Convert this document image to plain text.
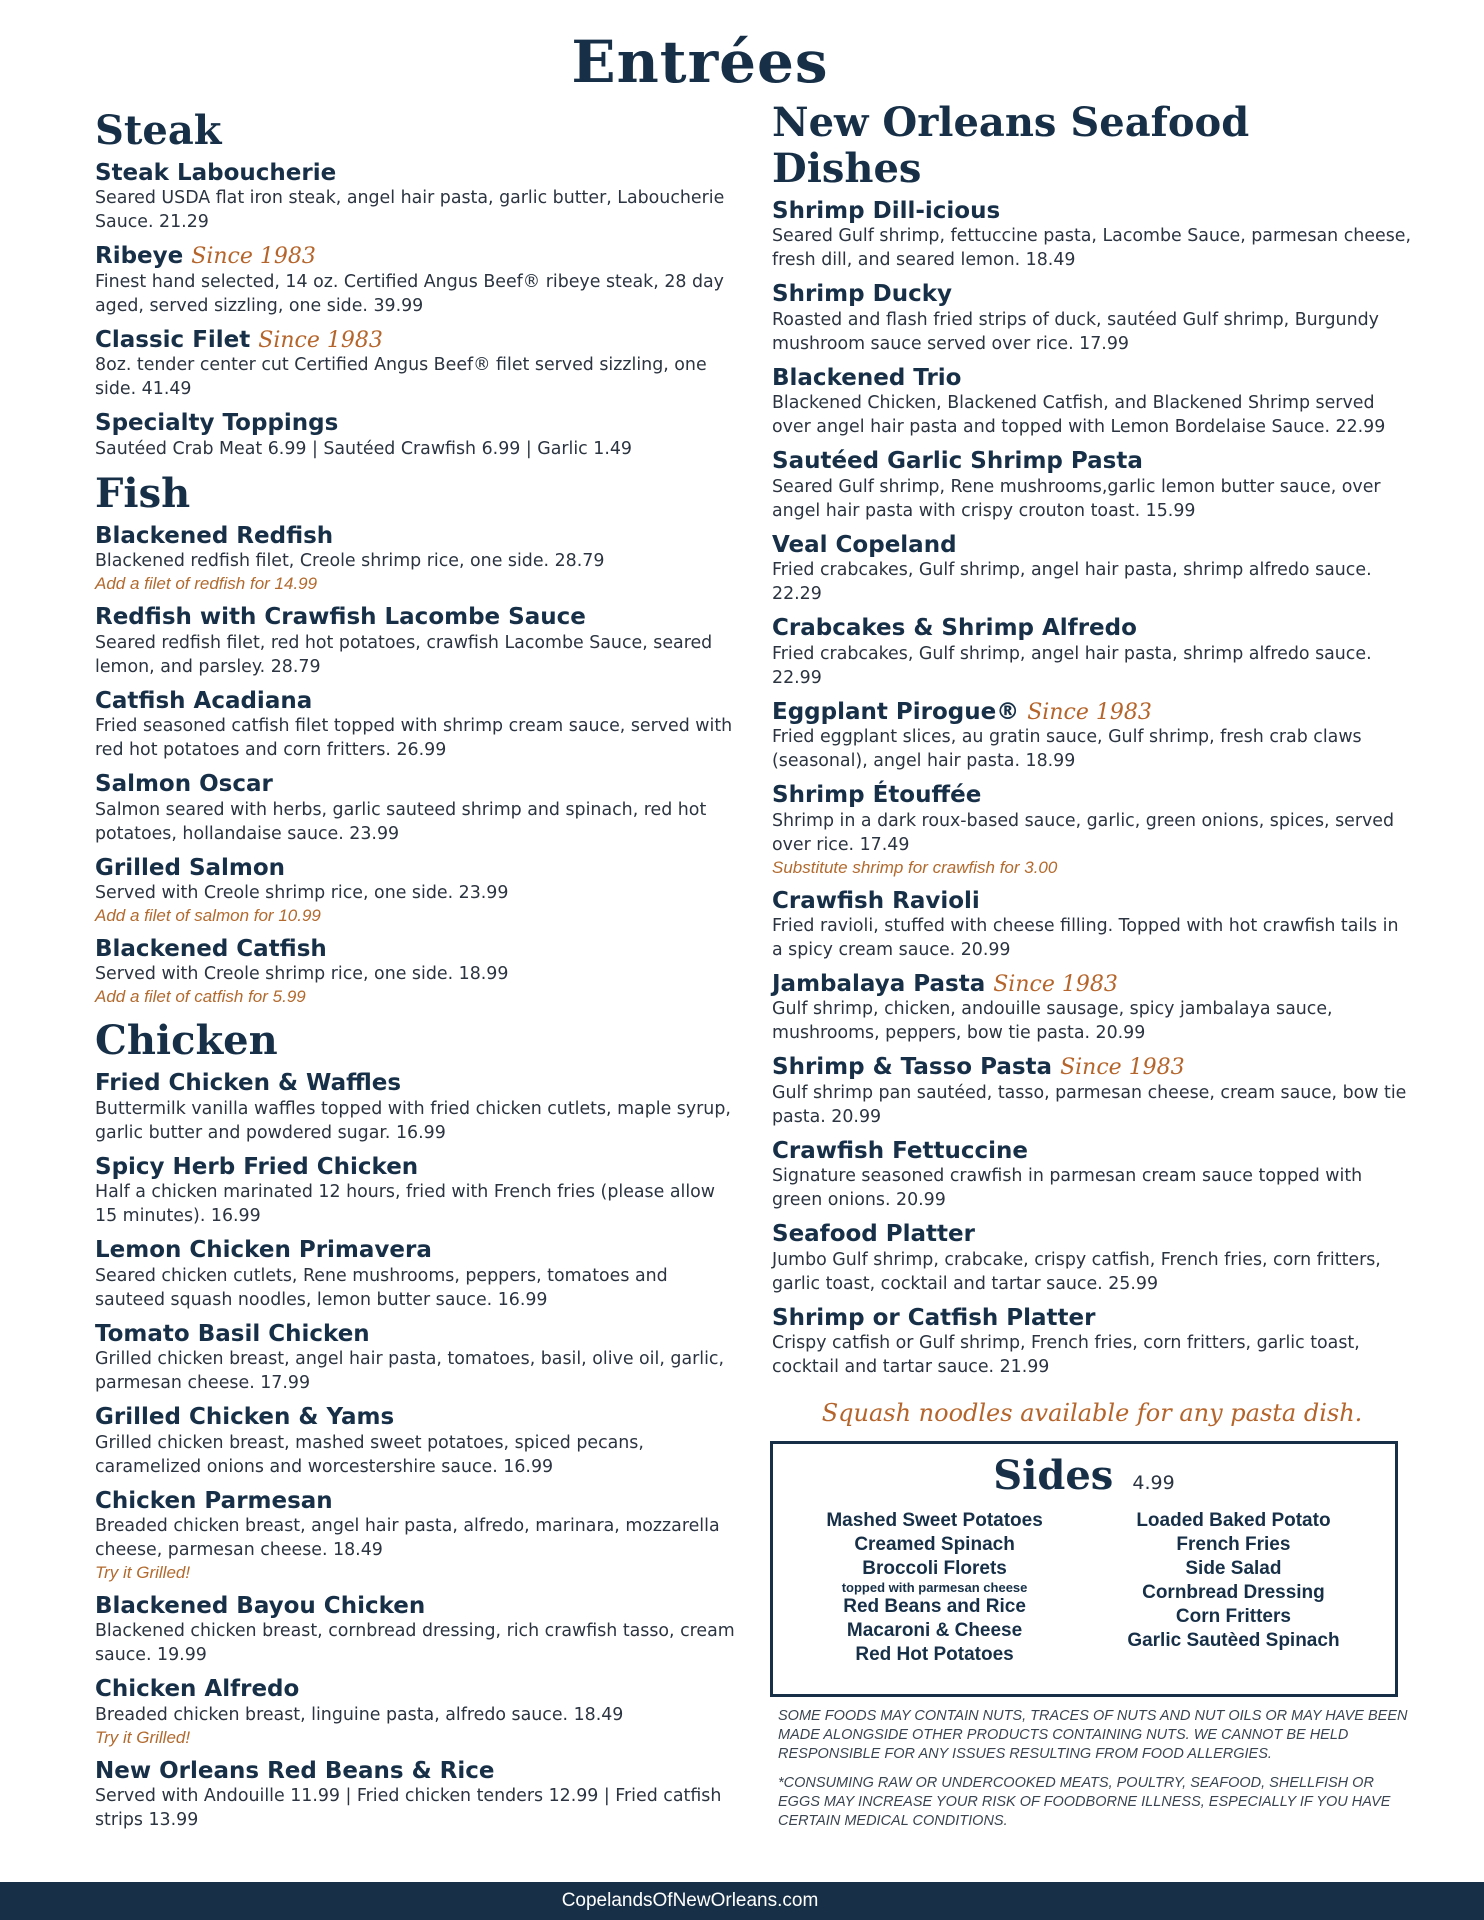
Entrées
Steak
Steak Laboucherie
Seared USDA flat iron steak, angel hair pasta, garlic butter, Laboucherie Sauce. 21.29
Ribeye Since 1983
Finest hand selected, 14 oz. Certified Angus Beef® ribeye steak, 28 day aged, served sizzling, one side. 39.99
Classic Filet Since 1983
8oz. tender center cut Certified Angus Beef® filet served sizzling, one side. 41.49
Specialty Toppings
Sautéed Crab Meat 6.99 | Sautéed Crawfish 6.99 | Garlic 1.49
Fish
Blackened Redfish
Blackened redfish filet, Creole shrimp rice, one side. 28.79
Add a filet of redfish for 14.99
Redfish with Crawfish Lacombe Sauce
Seared redfish filet, red hot potatoes, crawfish Lacombe Sauce, seared lemon, and parsley. 28.79
Catfish Acadiana
Fried seasoned catfish filet topped with shrimp cream sauce, served with red hot potatoes and corn fritters. 26.99
Salmon Oscar
Salmon seared with herbs, garlic sauteed shrimp and spinach, red hot potatoes, hollandaise sauce. 23.99
Grilled Salmon
Served with Creole shrimp rice, one side. 23.99
Add a filet of salmon for 10.99
Blackened Catfish
Served with Creole shrimp rice, one side. 18.99
Add a filet of catfish for 5.99
Chicken
Fried Chicken & Waffles
Buttermilk vanilla waffles topped with fried chicken cutlets, maple syrup, garlic butter and powdered sugar. 16.99
Spicy Herb Fried Chicken
Half a chicken marinated 12 hours, fried with French fries (please allow 15 minutes). 16.99
Lemon Chicken Primavera
Seared chicken cutlets, Rene mushrooms, peppers, tomatoes and sauteed squash noodles, lemon butter sauce. 16.99
Tomato Basil Chicken
Grilled chicken breast, angel hair pasta, tomatoes, basil, olive oil, garlic, parmesan cheese. 17.99
Grilled Chicken & Yams
Grilled chicken breast, mashed sweet potatoes, spiced pecans, caramelized onions and worcestershire sauce. 16.99
Chicken Parmesan
Breaded chicken breast, angel hair pasta, alfredo, marinara, mozzarella cheese, parmesan cheese. 18.49
Try it Grilled!
Blackened Bayou Chicken
Blackened chicken breast, cornbread dressing, rich crawfish tasso, cream sauce. 19.99
Chicken Alfredo
Breaded chicken breast, linguine pasta, alfredo sauce. 18.49
Try it Grilled!
New Orleans Red Beans & Rice
Served with Andouille 11.99 | Fried chicken tenders 12.99 | Fried catfish strips 13.99
New Orleans Seafood Dishes
Shrimp Dill-icious
Seared Gulf shrimp, fettuccine pasta, Lacombe Sauce, parmesan cheese, fresh dill, and seared lemon. 18.49
Shrimp Ducky
Roasted and flash fried strips of duck, sautéed Gulf shrimp, Burgundy mushroom sauce served over rice. 17.99
Blackened Trio
Blackened Chicken, Blackened Catfish, and Blackened Shrimp served over angel hair pasta and topped with Lemon Bordelaise Sauce. 22.99
Sautéed Garlic Shrimp Pasta
Seared Gulf shrimp, Rene mushrooms,garlic lemon butter sauce, over angel hair pasta with crispy crouton toast. 15.99
Veal Copeland
Fried crabcakes, Gulf shrimp, angel hair pasta, shrimp alfredo sauce. 22.29
Crabcakes & Shrimp Alfredo
Fried crabcakes, Gulf shrimp, angel hair pasta, shrimp alfredo sauce. 22.99
Eggplant Pirogue® Since 1983
Fried eggplant slices, au gratin sauce, Gulf shrimp, fresh crab claws (seasonal), angel hair pasta. 18.99
Shrimp Étouffée
Shrimp in a dark roux-based sauce, garlic, green onions, spices, served over rice. 17.49
Substitute shrimp for crawfish for 3.00
Crawfish Ravioli
Fried ravioli, stuffed with cheese filling. Topped with hot crawfish tails in a spicy cream sauce. 20.99
Jambalaya Pasta Since 1983
Gulf shrimp, chicken, andouille sausage, spicy jambalaya sauce, mushrooms, peppers, bow tie pasta. 20.99
Shrimp & Tasso Pasta Since 1983
Gulf shrimp pan sautéed, tasso, parmesan cheese, cream sauce, bow tie pasta. 20.99
Crawfish Fettuccine
Signature seasoned crawfish in parmesan cream sauce topped with green onions. 20.99
Seafood Platter
Jumbo Gulf shrimp, crabcake, crispy catfish, French fries, corn fritters, garlic toast, cocktail and tartar sauce. 25.99
Shrimp or Catfish Platter
Crispy catfish or Gulf shrimp, French fries, corn fritters, garlic toast, cocktail and tartar sauce. 21.99
Squash noodles available for any pasta dish.
Sides 4.99
Mashed Sweet Potatoes
Creamed Spinach
Broccoli Florets
topped with parmesan cheese
Red Beans and Rice
Macaroni & Cheese
Red Hot Potatoes
Loaded Baked Potato
French Fries
Side Salad
Cornbread Dressing
Corn Fritters
Garlic Sautèed Spinach
SOME FOODS MAY CONTAIN NUTS, TRACES OF NUTS AND NUT OILS OR MAY HAVE BEEN MADE ALONGSIDE OTHER PRODUCTS CONTAINING NUTS. WE CANNOT BE HELD RESPONSIBLE FOR ANY ISSUES RESULTING FROM FOOD ALLERGIES.
*CONSUMING RAW OR UNDERCOOKED MEATS, POULTRY, SEAFOOD, SHELLFISH OR EGGS MAY INCREASE YOUR RISK OF FOODBORNE ILLNESS, ESPECIALLY IF YOU HAVE CERTAIN MEDICAL CONDITIONS.
CopelandsOfNewOrleans.com
